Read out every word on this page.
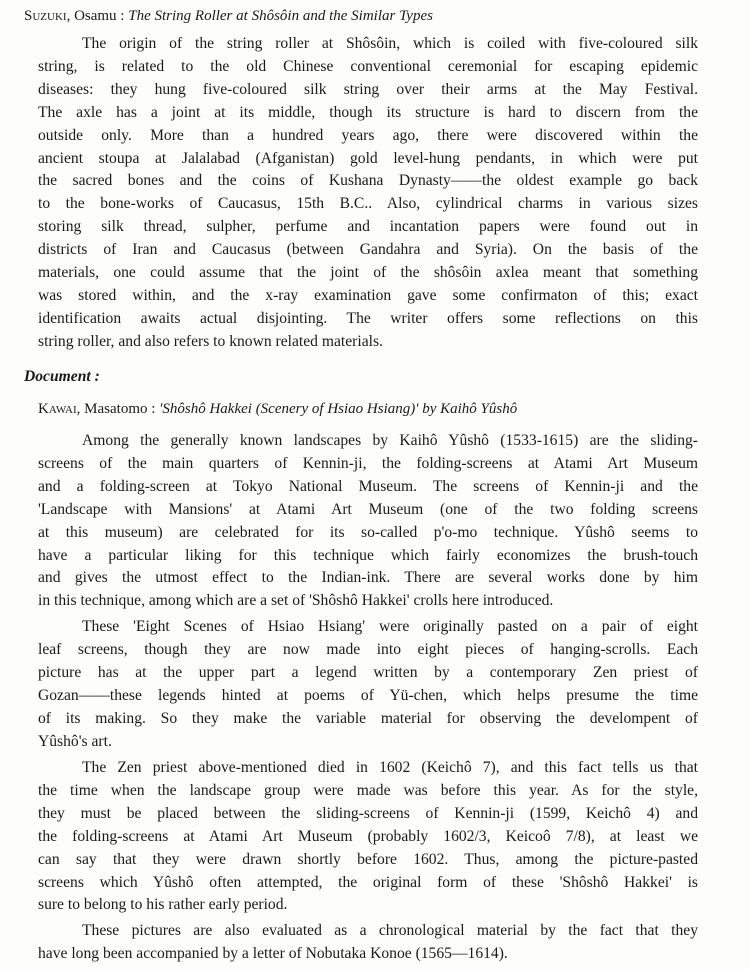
Suzuki, Osamu : The String Roller at Shôsôin and the Similar Types
The origin of the string roller at Shôsôin, which is coiled with five-coloured silk
string, is related to the old Chinese conventional ceremonial for escaping epidemic
diseases: they hung five-coloured silk string over their arms at the May Festival.
The axle has a joint at its middle, though its structure is hard to discern from the
outside only. More than a hundred years ago, there were discovered within the
ancient stoupa at Jalalabad (Afganistan) gold level-hung pendants, in which were put
the sacred bones and the coins of Kushana Dynasty——the oldest example go back
to the bone-works of Caucasus, 15th B.C.. Also, cylindrical charms in various sizes
storing silk thread, sulpher, perfume and incantation papers were found out in
districts of Iran and Caucasus (between Gandahra and Syria). On the basis of the
materials, one could assume that the joint of the shôsôin axlea meant that something
was stored within, and the x-ray examination gave some confirmaton of this; exact
identification awaits actual disjointing. The writer offers some reflections on this
string roller, and also refers to known related materials.
Document :
Kawai, Masatomo : 'Shôshô Hakkei (Scenery of Hsiao Hsiang)' by Kaihô Yûshô
Among the generally known landscapes by Kaihô Yûshô (1533-1615) are the sliding-
screens of the main quarters of Kennin-ji, the folding-screens at Atami Art Museum
and a folding-screen at Tokyo National Museum. The screens of Kennin-ji and the
'Landscape with Mansions' at Atami Art Museum (one of the two folding screens
at this museum) are celebrated for its so-called p'o-mo technique. Yûshô seems to
have a particular liking for this technique which fairly economizes the brush-touch
and gives the utmost effect to the Indian-ink. There are several works done by him
in this technique, among which are a set of 'Shôshô Hakkei' crolls here introduced.
These 'Eight Scenes of Hsiao Hsiang' were originally pasted on a pair of eight
leaf screens, though they are now made into eight pieces of hanging-scrolls. Each
picture has at the upper part a legend written by a contemporary Zen priest of
Gozan——these legends hinted at poems of Yü-chen, which helps presume the time
of its making. So they make the variable material for observing the develompent of
Yûshô's art.
The Zen priest above-mentioned died in 1602 (Keichô 7), and this fact tells us that
the time when the landscape group were made was before this year. As for the style,
they must be placed between the sliding-screens of Kennin-ji (1599, Keichô 4) and
the folding-screens at Atami Art Museum (probably 1602/3, Keicoô 7/8), at least we
can say that they were drawn shortly before 1602. Thus, among the picture-pasted
screens which Yûshô often attempted, the original form of these 'Shôshô Hakkei' is
sure to belong to his rather early period.
These pictures are also evaluated as a chronological material by the fact that they
have long been accompanied by a letter of Nobutaka Konoe (1565—1614).
